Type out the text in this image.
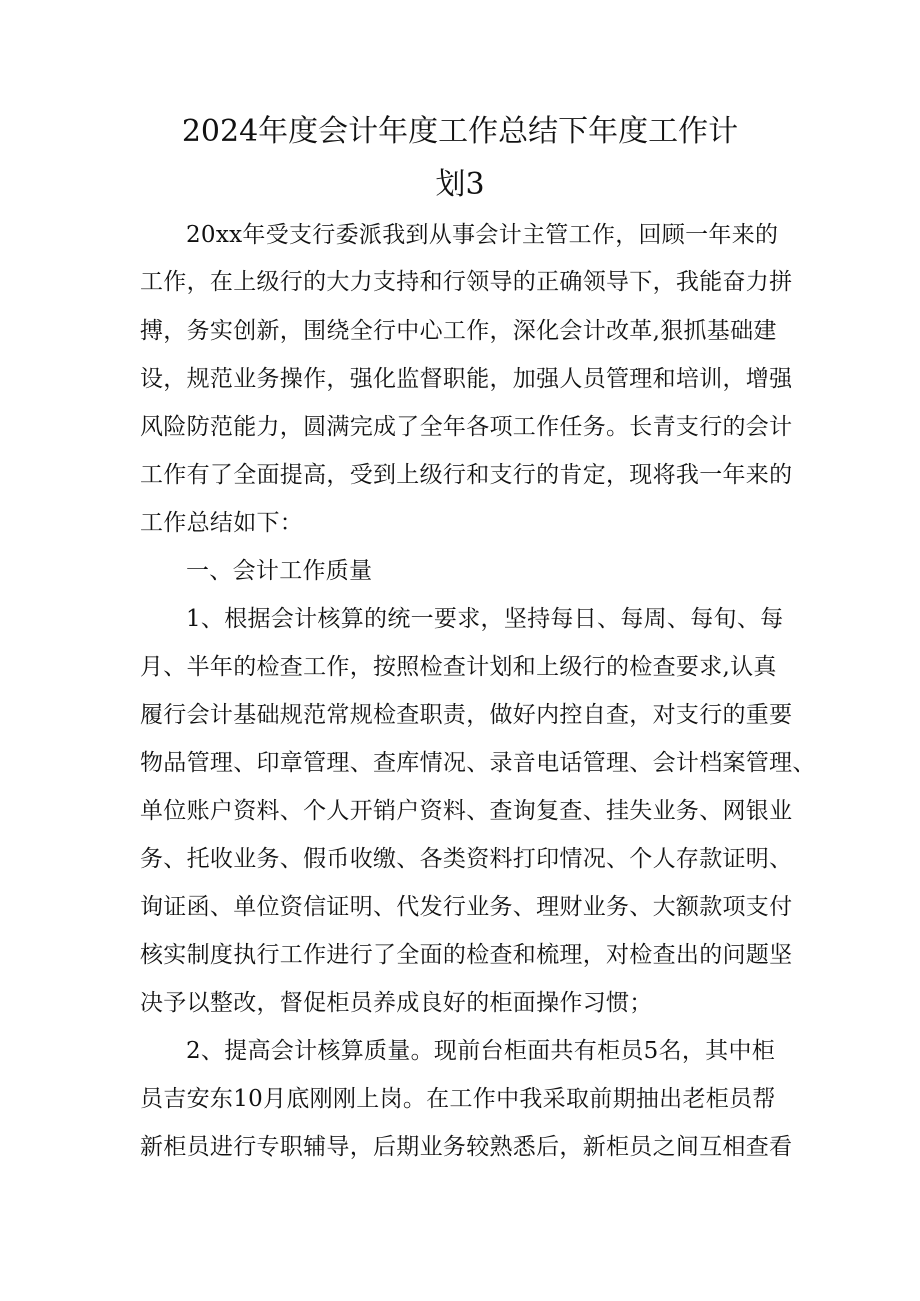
2024年度会计年度工作总结下年度工作计
划3
20xx年受支行委派我到从事会计主管工作，回顾一年来的
工作，在上级行的大力支持和行领导的正确领导下，我能奋力拼
搏，务实创新，围绕全行中心工作，深化会计改革,狠抓基础建
设，规范业务操作，强化监督职能，加强人员管理和培训，增强
风险防范能力，圆满完成了全年各项工作任务。长青支行的会计
工作有了全面提高，受到上级行和支行的肯定，现将我一年来的
工作总结如下：
一、会计工作质量
1、根据会计核算的统一要求，坚持每日、每周、每旬、每
月、半年的检查工作，按照检查计划和上级行的检查要求,认真
履行会计基础规范常规检查职责，做好内控自查，对支行的重要
物品管理、印章管理、查库情况、录音电话管理、会计档案管理、
单位账户资料、个人开销户资料、查询复查、挂失业务、网银业
务、托收业务、假币收缴、各类资料打印情况、个人存款证明、
询证函、单位资信证明、代发行业务、理财业务、大额款项支付
核实制度执行工作进行了全面的检查和梳理，对检查出的问题坚
决予以整改，督促柜员养成良好的柜面操作习惯；
2、提高会计核算质量。现前台柜面共有柜员5名，其中柜
员吉安东10月底刚刚上岗。在工作中我采取前期抽出老柜员帮
新柜员进行专职辅导，后期业务较熟悉后，新柜员之间互相查看
